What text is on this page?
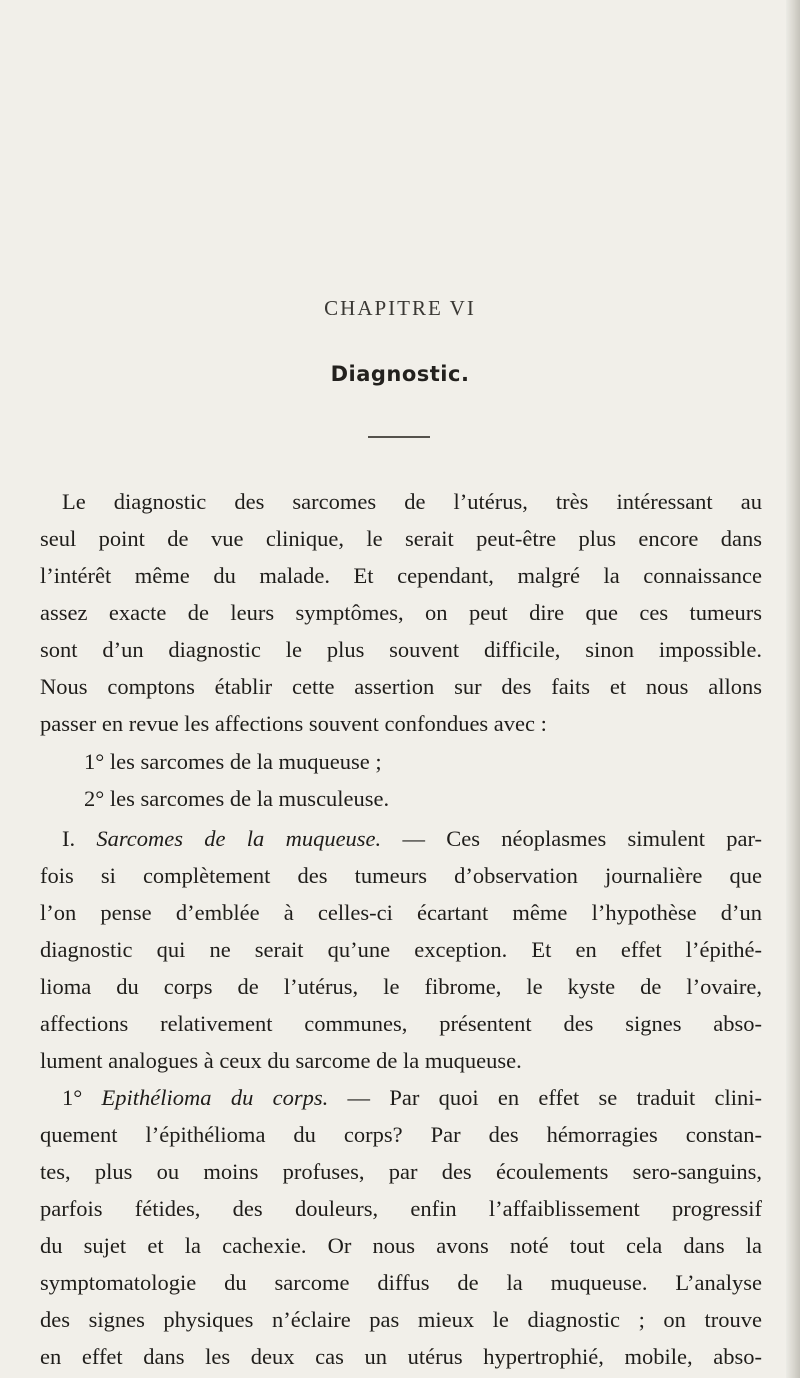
CHAPITRE VI
Diagnostic.
Le diagnostic des sarcomes de l’utérus, très intéressant au
seul point de vue clinique, le serait peut-être plus encore dans
l’intérêt même du malade. Et cependant, malgré la connaissance
assez exacte de leurs symptômes, on peut dire que ces tumeurs
sont d’un diagnostic le plus souvent difficile, sinon impossible.
Nous comptons établir cette assertion sur des faits et nous allons
passer en revue les affections souvent confondues avec :
1° les sarcomes de la muqueuse ;
2° les sarcomes de la musculeuse.
I. Sarcomes de la muqueuse. — Ces néoplasmes simulent par-
fois si complètement des tumeurs d’observation journalière que
l’on pense d’emblée à celles-ci écartant même l’hypothèse d’un
diagnostic qui ne serait qu’une exception. Et en effet l’épithé-
lioma du corps de l’utérus, le fibrome, le kyste de l’ovaire,
affections relativement communes, présentent des signes abso-
lument analogues à ceux du sarcome de la muqueuse.
1° Epithélioma du corps. — Par quoi en effet se traduit clini-
quement l’épithélioma du corps? Par des hémorragies constan-
tes, plus ou moins profuses, par des écoulements sero-sanguins,
parfois fétides, des douleurs, enfin l’affaiblissement progressif
du sujet et la cachexie. Or nous avons noté tout cela dans la
symptomatologie du sarcome diffus de la muqueuse. L’analyse
des signes physiques n’éclaire pas mieux le diagnostic ; on trouve
en effet dans les deux cas un utérus hypertrophié, mobile, abso-
